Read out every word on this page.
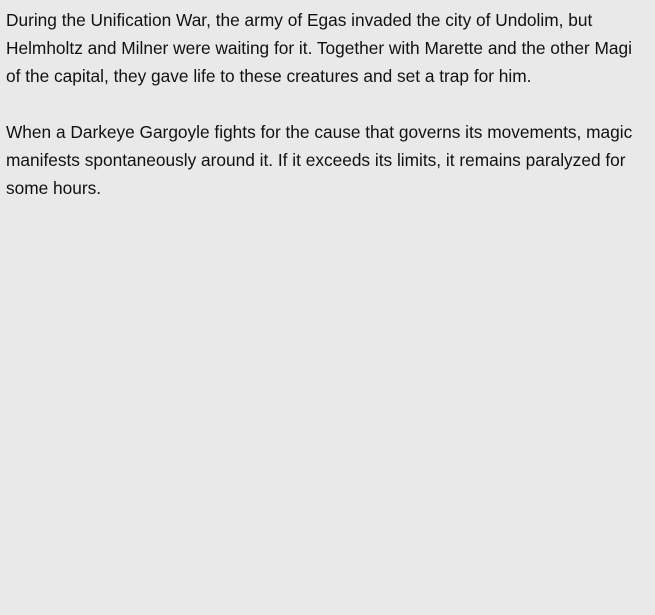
During the Unification War, the army of Egas invaded the city of Undolim, but Helmholtz and Milner were waiting for it. Together with Marette and the other Magi of the capital, they gave life to these creatures and set a trap for him.

When a Darkeye Gargoyle fights for the cause that governs its movements, magic manifests spontaneously around it. If it exceeds its limits, it remains paralyzed for some hours.
